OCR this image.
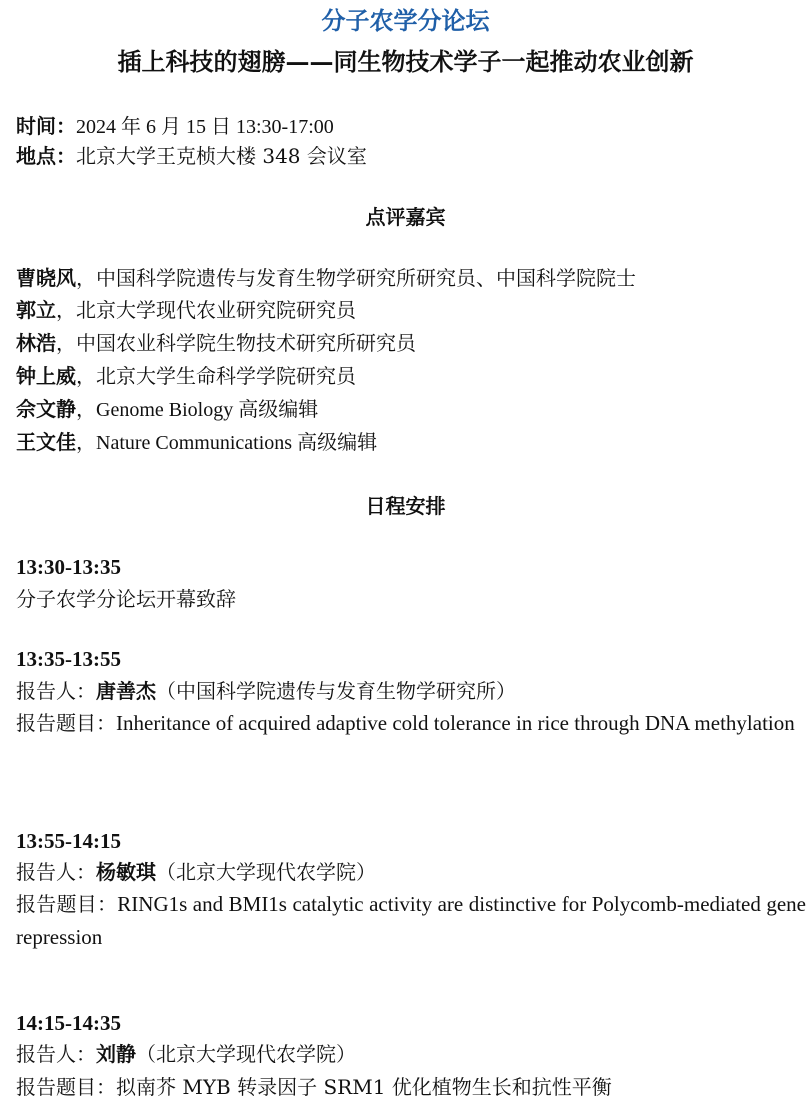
分子农学分论坛
插上科技的翅膀——同生物技术学子一起推动农业创新
时间：2024 年 6 月 15 日 13:30-17:00
地点：北京大学王克桢大楼 348 会议室
点评嘉宾
曹晓风，中国科学院遗传与发育生物学研究所研究员、中国科学院院士
郭立，北京大学现代农业研究院研究员
林浩，中国农业科学院生物技术研究所研究员
钟上威，北京大学生命科学学院研究员
佘文静，Genome Biology 高级编辑
王文佳，Nature Communications 高级编辑
日程安排
13:30-13:35
分子农学分论坛开幕致辞
13:35-13:55
报告人：唐善杰（中国科学院遗传与发育生物学研究所）
报告题目：Inheritance of acquired adaptive cold tolerance in rice through DNA methylation
13:55-14:15
报告人：杨敏琪（北京大学现代农学院）
报告题目：RING1s and BMI1s catalytic activity are distinctive for Polycomb-mediated gene repression
14:15-14:35
报告人：刘静（北京大学现代农学院）
报告题目：拟南芥 MYB 转录因子 SRM1 优化植物生长和抗性平衡
